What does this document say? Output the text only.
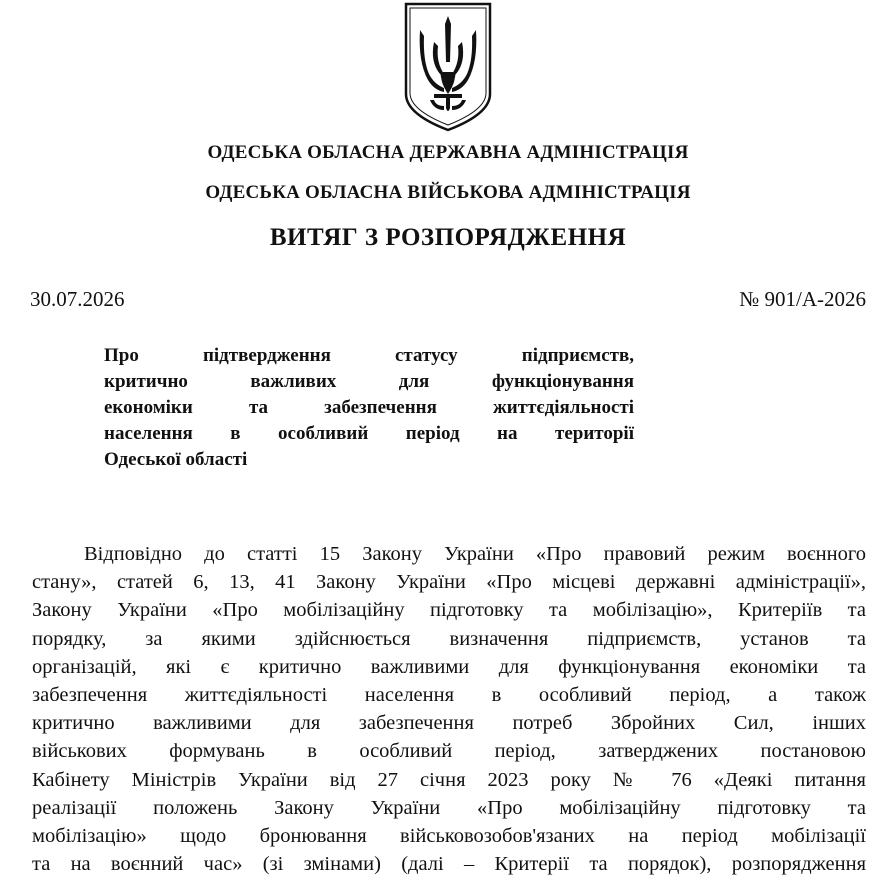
ОДЕСЬКА ОБЛАСНА ДЕРЖАВНА АДМІНІСТРАЦІЯ
ОДЕСЬКА ОБЛАСНА ВІЙСЬКОВА АДМІНІСТРАЦІЯ
ВИТЯГ З РОЗПОРЯДЖЕННЯ
30.07.2026	№ 901/А-2026
Про підтвердження статусу підприємств,
критично важливих для функціонування
економіки та забезпечення життєдіяльності
населення в особливий період на території
Одеської області
Відповідно до статті 15 Закону України «Про правовий режим воєнного
стану», статей 6, 13, 41 Закону України «Про місцеві державні адміністрації»,
Закону України «Про мобілізаційну підготовку та мобілізацію», Критеріїв та
порядку, за якими здійснюється визначення підприємств, установ та
організацій, які є критично важливими для функціонування економіки та
забезпечення життєдіяльності населення в особливий період, а також
критично важливими для забезпечення потреб Збройних Сил, інших
військових формувань в особливий період, затверджених постановою
Кабінету Міністрів України від 27 січня 2023 року № 76 «Деякі питання
реалізації положень Закону України «Про мобілізаційну підготовку та
мобілізацію» щодо бронювання військовозобов'язаних на період мобілізації
та на воєнний час» (зі змінами) (далі – Критерії та порядок), розпорядження
